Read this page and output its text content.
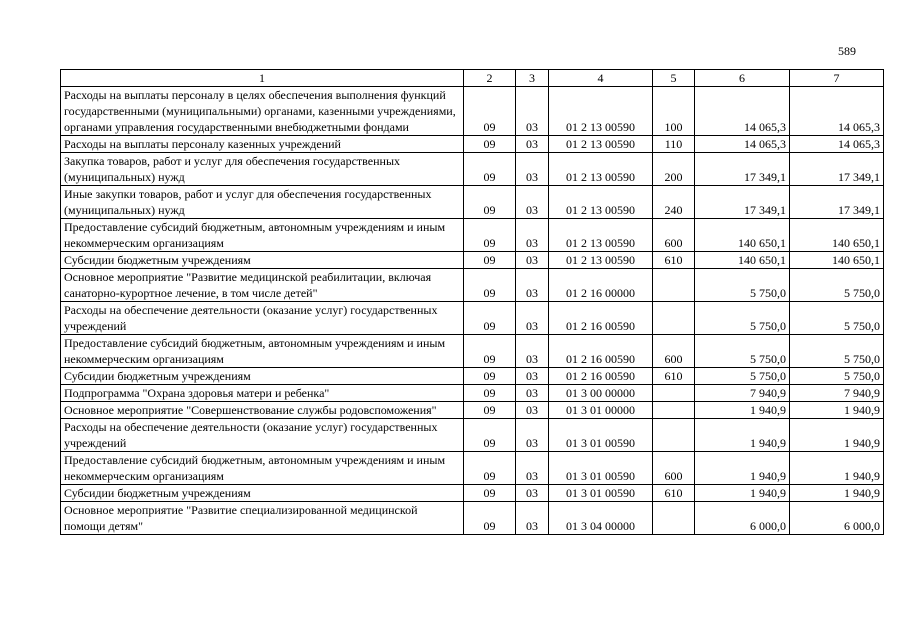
589
1	2	3	4	5	6	7
Расходы на выплаты персоналу в целях обеспечения выполнения функций государственными (муниципальными) органами, казенными учреждениями, органами управления государственными внебюджетными фондами	09	03	01 2 13 00590	100	14 065,3	14 065,3
Расходы на выплаты персоналу казенных учреждений	09	03	01 2 13 00590	110	14 065,3	14 065,3
Закупка товаров, работ и услуг для обеспечения государственных (муниципальных) нужд	09	03	01 2 13 00590	200	17 349,1	17 349,1
Иные закупки товаров, работ и услуг для обеспечения государственных (муниципальных) нужд	09	03	01 2 13 00590	240	17 349,1	17 349,1
Предоставление субсидий бюджетным, автономным учреждениям и иным некоммерческим организациям	09	03	01 2 13 00590	600	140 650,1	140 650,1
Субсидии бюджетным учреждениям	09	03	01 2 13 00590	610	140 650,1	140 650,1
Основное мероприятие "Развитие медицинской реабилитации, включая санаторно-курортное лечение, в том числе детей"	09	03	01 2 16 00000		5 750,0	5 750,0
Расходы на обеспечение деятельности (оказание услуг) государственных учреждений	09	03	01 2 16 00590		5 750,0	5 750,0
Предоставление субсидий бюджетным, автономным учреждениям и иным некоммерческим организациям	09	03	01 2 16 00590	600	5 750,0	5 750,0
Субсидии бюджетным учреждениям	09	03	01 2 16 00590	610	5 750,0	5 750,0
Подпрограмма "Охрана здоровья матери и ребенка"	09	03	01 3 00 00000		7 940,9	7 940,9
Основное мероприятие "Совершенствование службы родовспоможения"	09	03	01 3 01 00000		1 940,9	1 940,9
Расходы на обеспечение деятельности (оказание услуг) государственных учреждений	09	03	01 3 01 00590		1 940,9	1 940,9
Предоставление субсидий бюджетным, автономным учреждениям и иным некоммерческим организациям	09	03	01 3 01 00590	600	1 940,9	1 940,9
Субсидии бюджетным учреждениям	09	03	01 3 01 00590	610	1 940,9	1 940,9
Основное мероприятие "Развитие специализированной медицинской помощи детям"	09	03	01 3 04 00000		6 000,0	6 000,0
